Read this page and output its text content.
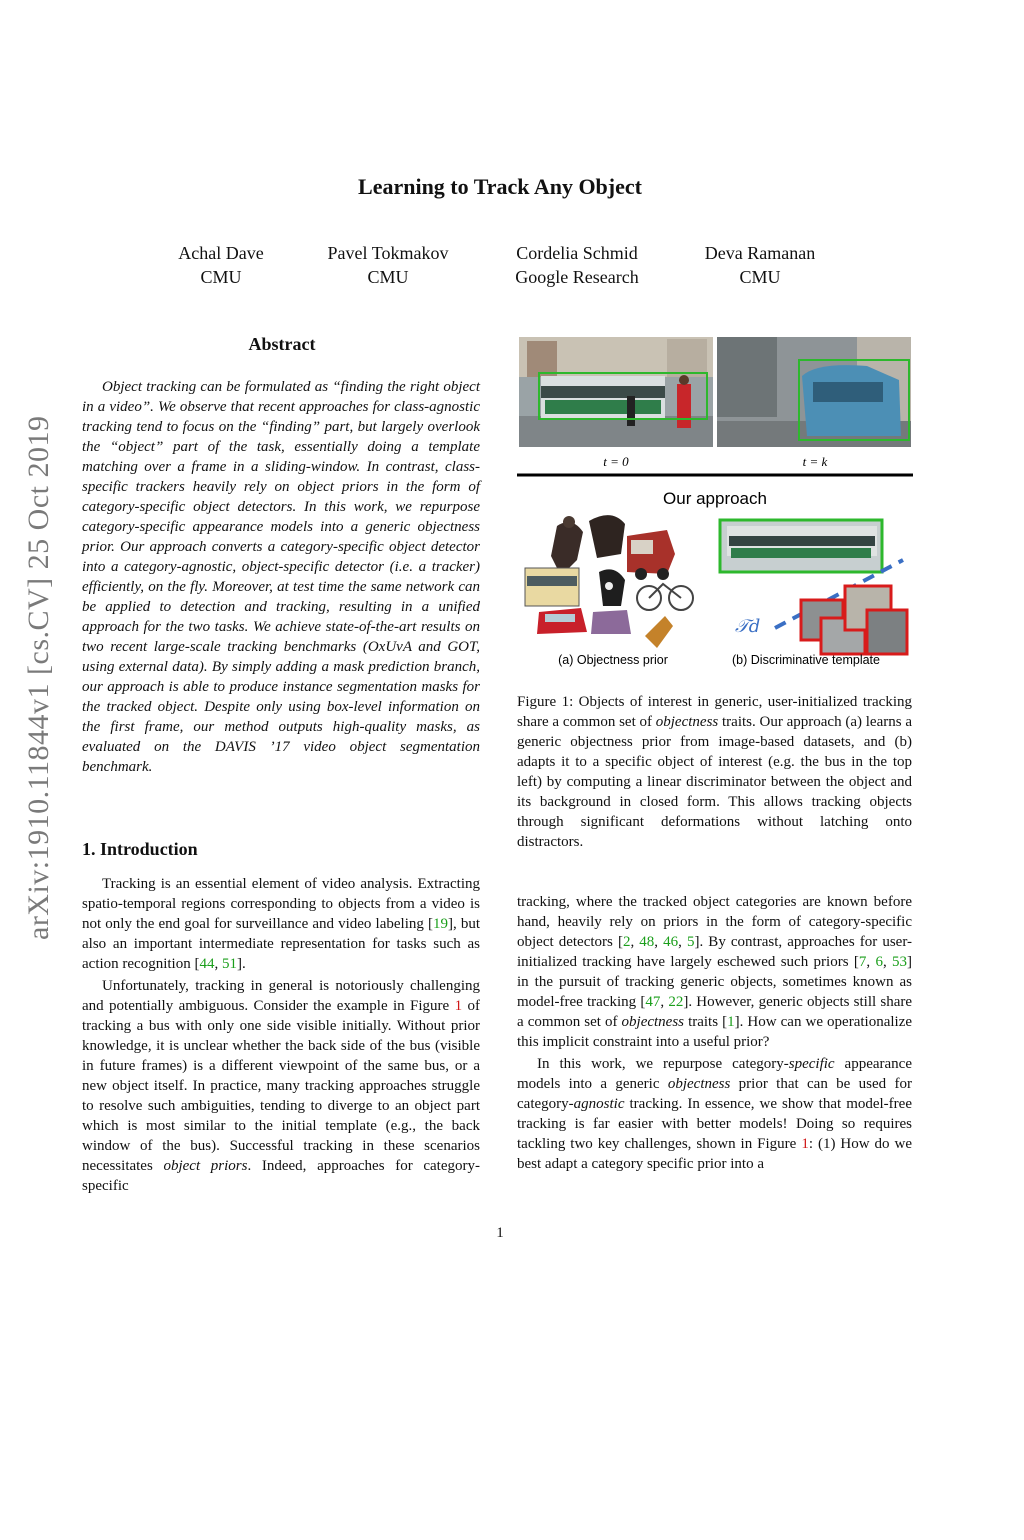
arXiv:1910.11844v1 [cs.CV] 25 Oct 2019
Learning to Track Any Object
Achal Dave
CMU
Pavel Tokmakov
CMU
Cordelia Schmid
Google Research
Deva Ramanan
CMU
Abstract

Object tracking can be formulated as “finding the right object in a video”. We observe that recent approaches for class-agnostic tracking tend to focus on the “finding” part, but largely overlook the “object” part of the task, essentially doing a template matching over a frame in a sliding-window. In contrast, class-specific trackers heavily rely on object priors in the form of category-specific object detectors. In this work, we repurpose category-specific appearance models into a generic objectness prior. Our approach converts a category-specific object detector into a category-agnostic, object-specific detector (i.e. a tracker) efficiently, on the fly. Moreover, at test time the same network can be applied to detection and tracking, resulting in a unified approach for the two tasks. We achieve state-of-the-art results on two recent large-scale tracking benchmarks (OxUvA and GOT, using external data). By simply adding a mask prediction branch, our approach is able to produce instance segmentation masks for the tracked object. Despite only using box-level information on the first frame, our method outputs high-quality masks, as evaluated on the DAVIS ’17 video object segmentation benchmark.

1. Introduction

Tracking is an essential element of video analysis. Extracting spatio-temporal regions corresponding to objects from a video is not only the end goal for surveillance and video labeling [19], but also an important intermediate representation for tasks such as action recognition [44, 51].

Unfortunately, tracking in general is notoriously challenging and potentially ambiguous. Consider the example in Figure 1 of tracking a bus with only one side visible initially. Without prior knowledge, it is unclear whether the back side of the bus (visible in future frames) is a different viewpoint of the same bus, or a new object itself. In practice, many tracking approaches struggle to resolve such ambiguities, tending to diverge to an object part which is most similar to the initial template (e.g., the back window of the bus). Successful tracking in these scenarios necessitates object priors. Indeed, approaches for category-specific

t = 0	t = k
Our approach
(a) Objectness prior
𝒯d
(b) Discriminative template
Figure 1: Objects of interest in generic, user-initialized tracking share a common set of objectness traits. Our approach (a) learns a generic objectness prior from image-based datasets, and (b) adapts it to a specific object of interest (e.g. the bus in the top left) by computing a linear discriminator between the object and its background in closed form. This allows tracking objects through significant deformations without latching onto distractors.

tracking, where the tracked object categories are known before hand, heavily rely on priors in the form of category-specific object detectors [2, 48, 46, 5]. By contrast, approaches for user-initialized tracking have largely eschewed such priors [7, 6, 53] in the pursuit of tracking generic objects, sometimes known as model-free tracking [47, 22]. However, generic objects still share a common set of objectness traits [1]. How can we operationalize this implicit constraint into a useful prior?

In this work, we repurpose category-specific appearance models into a generic objectness prior that can be used for category-agnostic tracking. In essence, we show that model-free tracking is far easier with better models! Doing so requires tackling two key challenges, shown in Figure 1: (1) How do we best adapt a category specific prior into a

1
